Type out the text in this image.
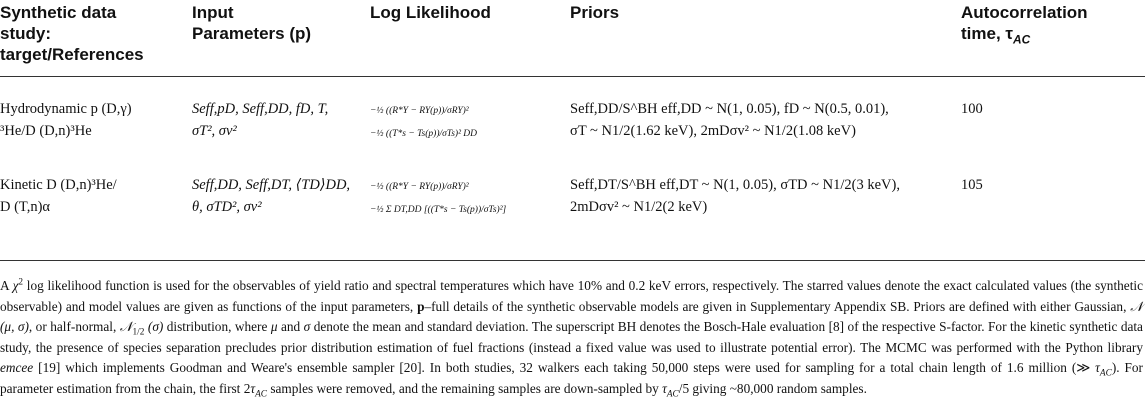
Synthetic data
study:
target/References
Input
Parameters (p)
Log Likelihood	Priors	Autocorrelation
time, $\tau_{AC}$
Hydrodynamic p (D,γ)
³He/D (D,n)³He
Seff,pD, Seff,DD, fD, T,
σT², σv²
−½ ((R*Y − RY(p))/σRY)²
−½ ((T*s − Ts(p))/σTs)² DD
Seff,DD/S^BH eff,DD ~ N(1, 0.05), fD ~ N(0.5, 0.01),
σT ~ N1/2(1.62 keV), 2mDσv² ~ N1/2(1.08 keV)
100
Kinetic D (D,n)³He/
D (T,n)α
Seff,DD, Seff,DT, ⟨TD⟩DD,
θ, σTD², σv²
−½ ((R*Y − RY(p))/σRY)²
−½ Σ DT,DD [((T*s − Ts(p))/σTs)²]
Seff,DT/S^BH eff,DT ~ N(1, 0.05), σTD ~ N1/2(3 keV),
2mDσv² ~ N1/2(2 keV)
105

A $\chi^2$ log likelihood function is used for the observables of yield ratio and spectral temperatures which have 10% and 0.2 keV errors, respectively. The starred values denote the exact calculated values (the synthetic observable) and model values are given as functions of the input parameters, p–full details of the synthetic observable models are given in Supplementary Appendix SB. Priors are defined with either Gaussian, 𝒩 (μ, σ), or half-normal, 𝒩$_{1/2}$ (σ) distribution, where μ and σ denote the mean and standard deviation. The superscript BH denotes the Bosch-Hale evaluation [8] of the respective S-factor. For the kinetic synthetic data study, the presence of species separation precludes prior distribution estimation of fuel fractions (instead a fixed value was used to illustrate potential error). The MCMC was performed with the Python library emcee [19] which implements Goodman and Weare's ensemble sampler [20]. In both studies, 32 walkers each taking 50,000 steps were used for sampling for a total chain length of 1.6 million (≫ $\tau_{AC}$). For parameter estimation from the chain, the first $2\tau_{AC}$ samples were removed, and the remaining samples are down-sampled by $\tau_{AC}/5$ giving ~80,000 random samples.
